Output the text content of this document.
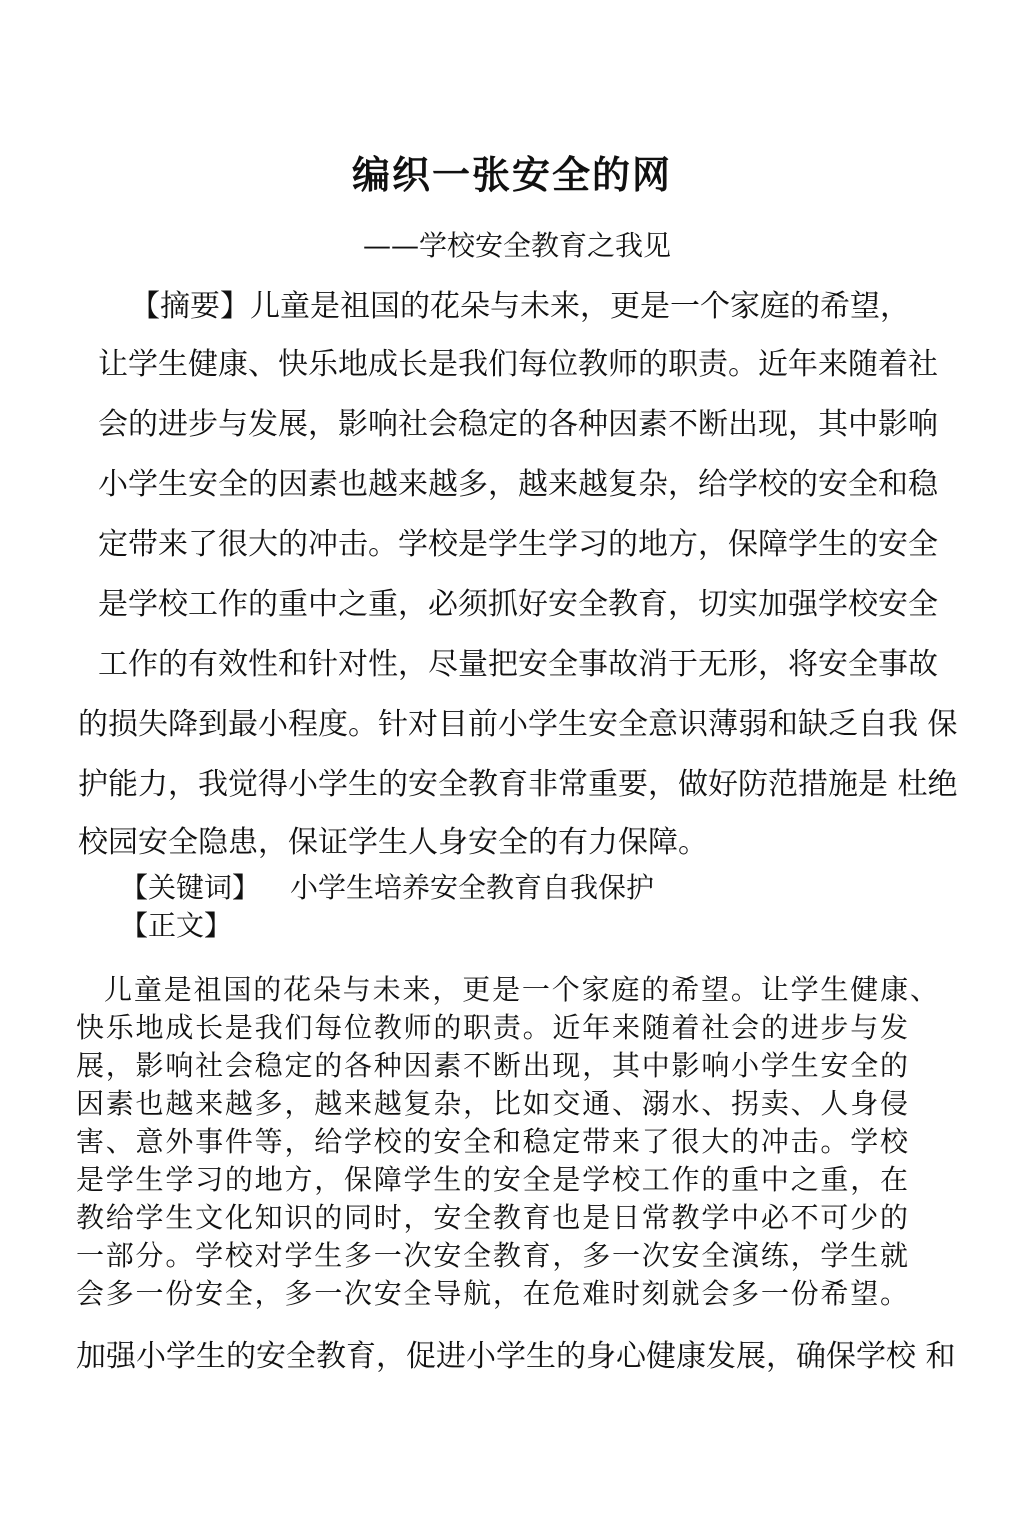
编织一张安全的网
——学校安全教育之我见
【摘要】儿童是祖国的花朵与未来，更是一个家庭的希望，
让学生健康、快乐地成长是我们每位教师的职责。近年来随着社
会的进步与发展，影响社会稳定的各种因素不断出现，其中影响
小学生安全的因素也越来越多，越来越复杂，给学校的安全和稳
定带来了很大的冲击。学校是学生学习的地方，保障学生的安全
是学校工作的重中之重，必须抓好安全教育，切实加强学校安全
工作的有效性和针对性，尽量把安全事故消于无形，将安全事故
的损失降到最小程度。针对目前小学生安全意识薄弱和缺乏自我 保
护能力，我觉得小学生的安全教育非常重要，做好防范措施是 杜绝
校园安全隐患，保证学生人身安全的有力保障。
【关键词】 小学生培养安全教育自我保护
【正文】
儿童是祖国的花朵与未来，更是一个家庭的希望。让学生健康、
快乐地成长是我们每位教师的职责。近年来随着社会的进步与发
展，影响社会稳定的各种因素不断出现，其中影响小学生安全的
因素也越来越多，越来越复杂，比如交通、溺水、拐卖、人身侵
害、意外事件等，给学校的安全和稳定带来了很大的冲击。学校
是学生学习的地方，保障学生的安全是学校工作的重中之重，在
教给学生文化知识的同时，安全教育也是日常教学中必不可少的
一部分。学校对学生多一次安全教育，多一次安全演练，学生就
会多一份安全，多一次安全导航，在危难时刻就会多一份希望。
加强小学生的安全教育，促进小学生的身心健康发展，确保学校 和
